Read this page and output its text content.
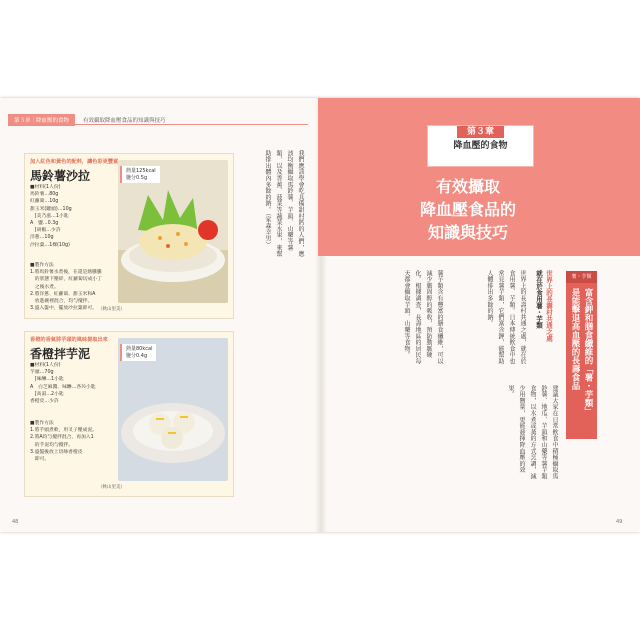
第３章｜降血壓的食物	有效攝取降血壓食品的知識與技巧
加入紅色和黃色的配料，讓色彩更豐富
馬鈴薯沙拉
■材料(1人份)
馬鈴薯…80g
紅蘿蔔…10g
甜玉米(罐頭)…10g
　[美乃滋…1小匙
A　鹽…0.3g
　[胡椒…少許
洋蔥…10g
沙拉葉…1棵(10g)
■製作方法
1.將馬鈴薯水煮後，在還是熱騰騰
　的狀態下壓碎，紅蘿蔔切成小丁
　之後水煮。
2.將洋蔥、紅蘿蔔、甜玉米和A
　放進碗裡混合，均勻攪拌。
3.盛入盤中，擺放沙拉葉即可。 （秋山里美）
熱量125kcal
鹽分0.5g
香橙的香氣將芋頭的風味提取出來
香橙拌芋泥
■材料(1人份)
芋頭…70g
　[味醂…1小匙
A　白芝麻醬、味醂…各½小匙
　[高湯…2小匙
香橙皮…少許
■製作方法
1.將芋頭煮軟，用叉子壓成泥。
2.將A均勻攪拌混合，再加入1
　的芋泥均勻攪拌。
3.盛盤後放上切絲香橙皮
　即可。
（秋山里美）
熱量80kcal
鹽分0.4g
我們應該學會吃具備甜村鈣的人們，應該均衡攝取馬鈴薯、芋頭、山藥等薯類，以及香蕉、菠菜等蔬菜水果，來幫助排出體內多餘的鈉。（家森幸男）
48
第３章
降血壓的食物
有效攝取
降血壓食品的
知識與技巧
薯・芋類
富含鉀和膳食纖維的「薯・芋類」
是能擊退高血壓的長壽食品
世界上的長壽村共通之處
就在於食用薯・芋類
世界上的長壽村共通之處，就在於食用薯、芋類。日本傳統飲食中也常見薯芋類，它們富含鉀，能幫助人體排出多餘的鈉。
薯芋類含有豐富的膳食纖維，可以減少膽固醇的吸收，預防動脈硬化。根據調查，長壽地區的居民每天都會攝取芋頭、山藥等食物。
建議大家在日常飲食中積極攝取馬鈴薯、地瓜、芋頭和山藥等薯芋類食物，以水煮或蒸的方式烹調，減少用鹽量，更能發揮降血壓的效果。
49
